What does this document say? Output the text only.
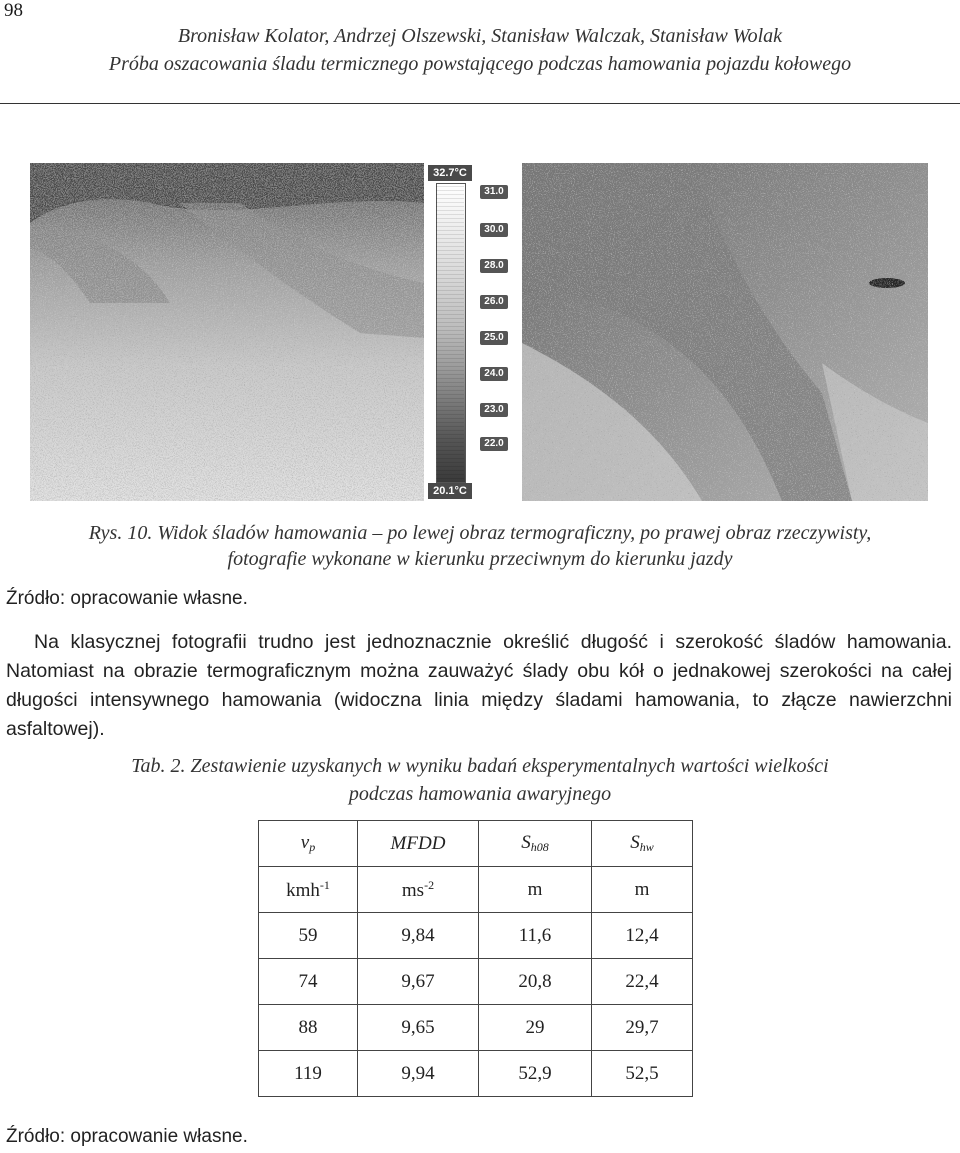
98
Bronisław Kolator, Andrzej Olszewski, Stanisław Walczak, Stanisław Wolak
Próba oszacowania śladu termicznego powstającego podczas hamowania pojazdu kołowego
32.7°C
20.1°C
31.0
30.0
28.0
26.0
25.0
24.0
23.0
22.0
Rys. 10. Widok śladów hamowania – po lewej obraz termograficzny, po prawej obraz rzeczywisty,
fotografie wykonane w kierunku przeciwnym do kierunku jazdy
Źródło: opracowanie własne.

Na klasycznej fotografii trudno jest jednoznacznie określić długość i szerokość śladów hamowania. Natomiast na obrazie termograficznym można zauważyć ślady obu kół o jednakowej szerokości na całej długości intensywnego hamowania (widoczna linia między śladami hamowania, to złącze nawierzchni asfaltowej).

Tab. 2. Zestawienie uzyskanych w wyniku badań eksperymentalnych wartości wielkości
podczas hamowania awaryjnego
$v_p$	MFDD	$S_{h08}$	$S_{hw}$
kmh$^{-1}$	$ms^{-2}$	m	m
59	9,84	11,6	12,4
74	9,67	20,8	22,4
88	9,65	29	29,7
119	9,94	52,9	52,5
Źródło: opracowanie własne.
